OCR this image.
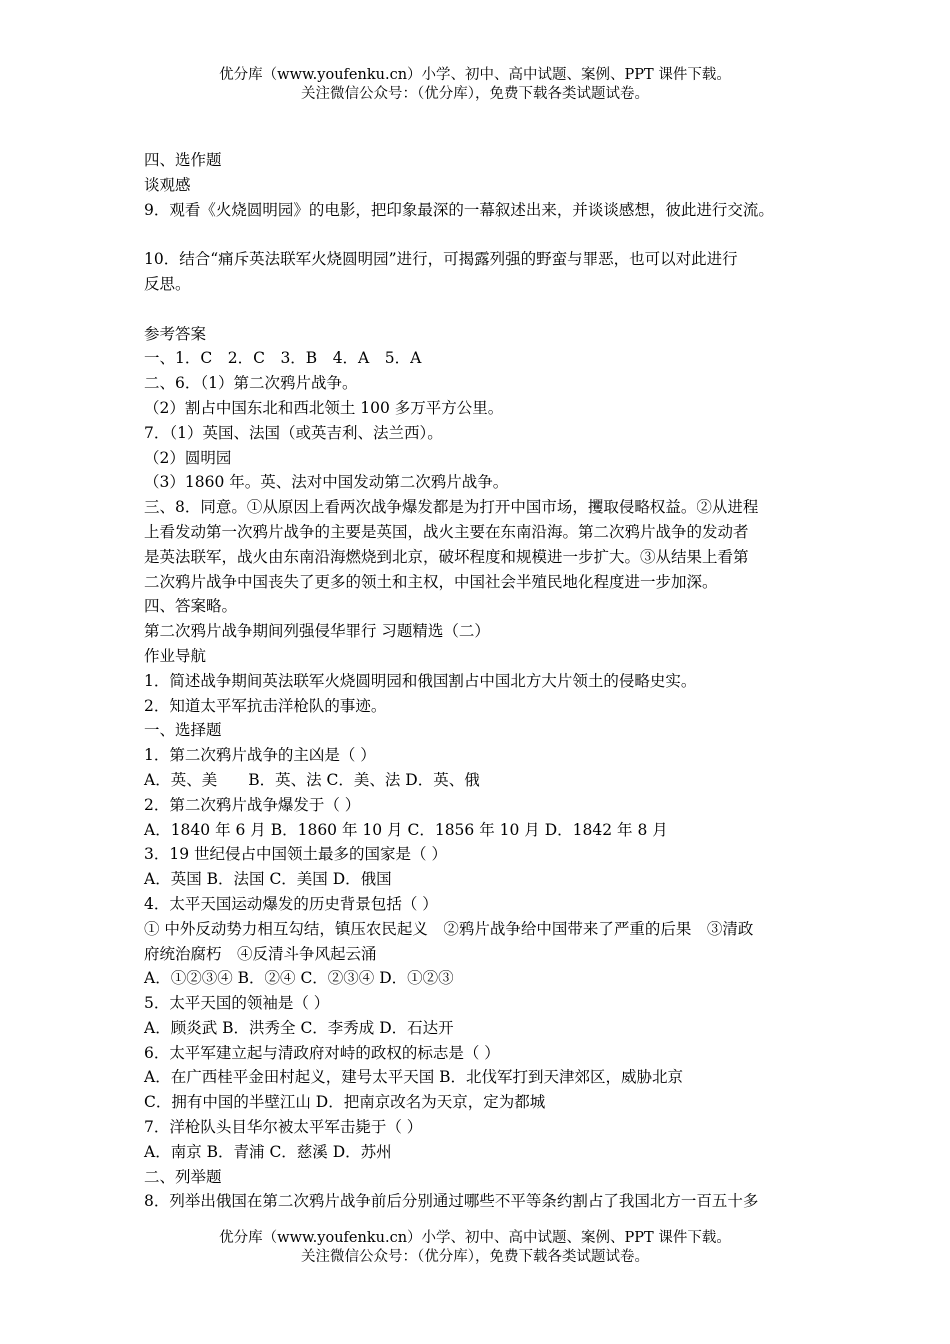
优分库（www.youfenku.cn）小学、初中、高中试题、案例、PPT 课件下载。
关注微信公众号：（优分库），免费下载各类试题试卷。
四、选作题
谈观感
9．观看《火烧圆明园》的电影，把印象最深的一幕叙述出来，并谈谈感想，彼此进行交流。
10．结合“痛斥英法联军火烧圆明园”进行，可揭露列强的野蛮与罪恶，也可以对此进行
反思。
参考答案
一、1．C　2．C　3．B　4．A　5．A
二、6．（1）第二次鸦片战争。
（2）割占中国东北和西北领土 100 多万平方公里。
7．（1）英国、法国（或英吉利、法兰西）。
（2）圆明园
（3）1860 年。英、法对中国发动第二次鸦片战争。
三、8．同意。①从原因上看两次战争爆发都是为打开中国市场，攫取侵略权益。②从进程
上看发动第一次鸦片战争的主要是英国，战火主要在东南沿海。第二次鸦片战争的发动者
是英法联军，战火由东南沿海燃烧到北京，破坏程度和规模进一步扩大。③从结果上看第
二次鸦片战争中国丧失了更多的领土和主权，中国社会半殖民地化程度进一步加深。
四、答案略。
第二次鸦片战争期间列强侵华罪行 习题精选（二）
作业导航
1．简述战争期间英法联军火烧圆明园和俄国割占中国北方大片领土的侵略史实。
2．知道太平军抗击洋枪队的事迹。
一、选择题
1．第二次鸦片战争的主凶是（ ）
A．英、美　　B．英、法 C．美、法 D．英、俄
2．第二次鸦片战争爆发于（ ）
A．1840 年 6 月 B．1860 年 10 月 C．1856 年 10 月 D．1842 年 8 月
3．19 世纪侵占中国领土最多的国家是（ ）
A．英国 B．法国 C．美国 D．俄国
4．太平天国运动爆发的历史背景包括（ ）
① 中外反动势力相互勾结，镇压农民起义　②鸦片战争给中国带来了严重的后果　③清政
府统治腐朽　④反清斗争风起云涌
A．①②③④ B．②④ C．②③④ D．①②③
5．太平天国的领袖是（ ）
A．顾炎武 B．洪秀全 C．李秀成 D．石达开
6．太平军建立起与清政府对峙的政权的标志是（ ）
A．在广西桂平金田村起义，建号太平天国 B．北伐军打到天津郊区，威胁北京
C．拥有中国的半壁江山 D．把南京改名为天京，定为都城
7．洋枪队头目华尔被太平军击毙于（ ）
A．南京 B．青浦 C．慈溪 D．苏州
二、列举题
8．列举出俄国在第二次鸦片战争前后分别通过哪些不平等条约割占了我国北方一百五十多
优分库（www.youfenku.cn）小学、初中、高中试题、案例、PPT 课件下载。
关注微信公众号：（优分库），免费下载各类试题试卷。
